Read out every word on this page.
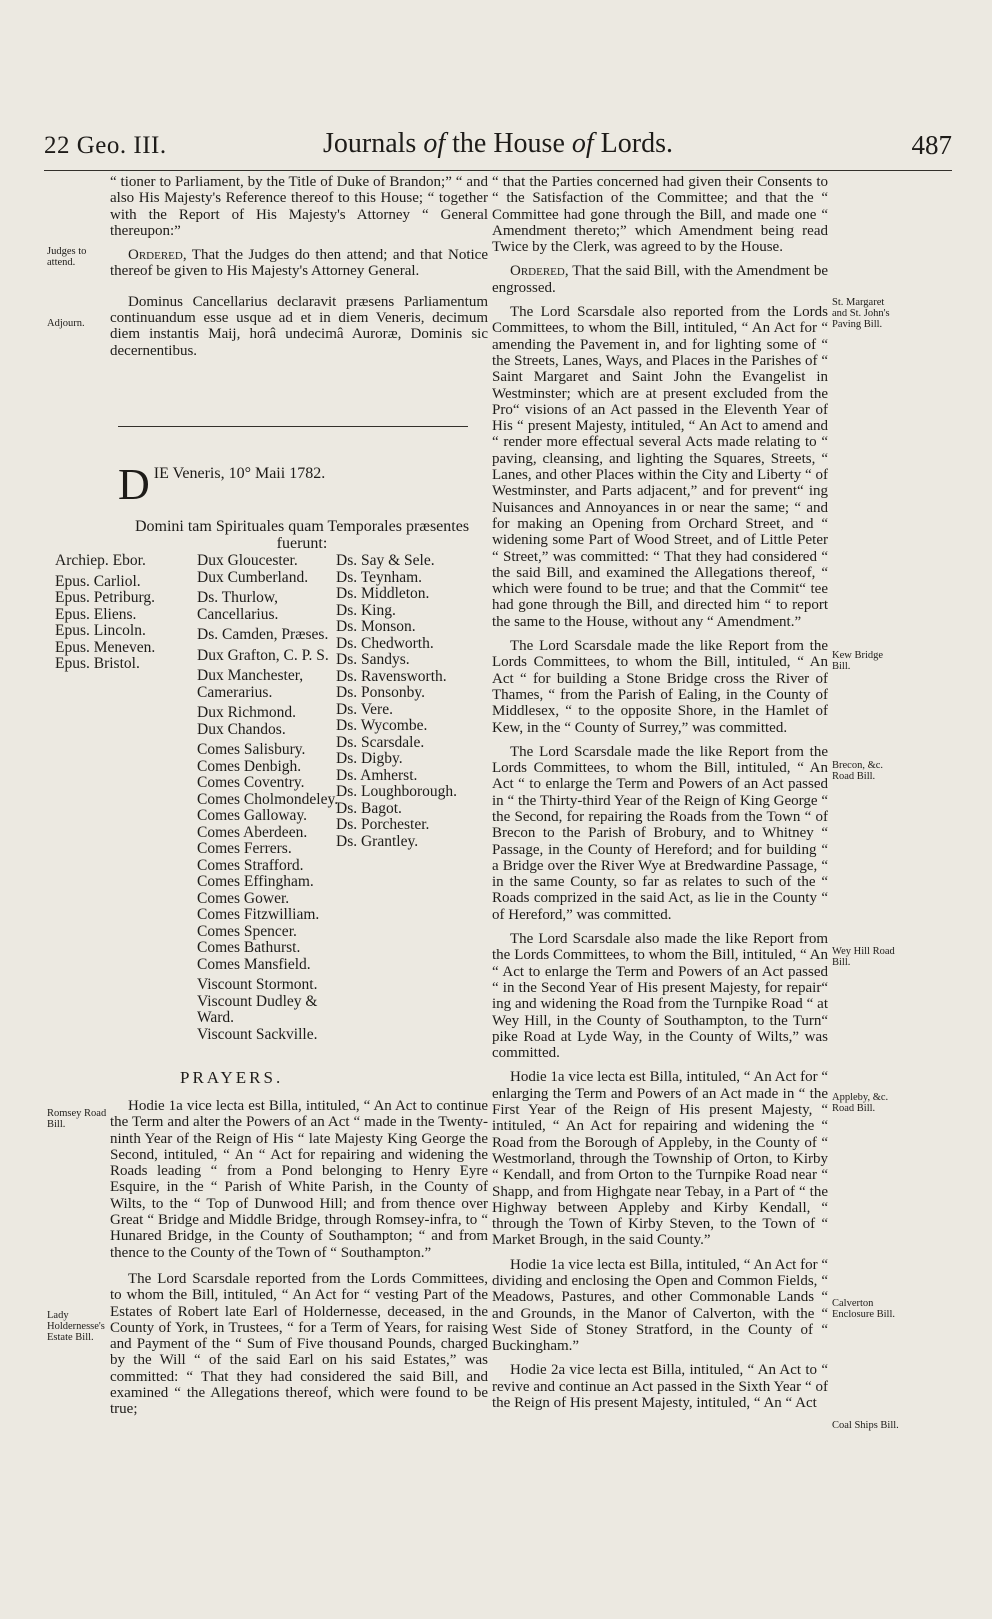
22 Geo. III.	Journals of the House of Lords.	487

“ tioner to Parliament, by the Title of Duke of Brandon;” “ and also His Majesty's Reference thereof to this House; “ together with the Report of His Majesty's Attorney “ General thereupon:”

Ordered, That the Judges do then attend; and that Notice thereof be given to His Majesty's Attorney General.

Dominus Cancellarius declaravit præsens Parliamentum continuandum esse usque ad et in diem Veneris, decimum diem instantis Maij, horâ undecimâ Auroræ, Dominis sic decernentibus.

Judges to attend.
Adjourn.
D IE Veneris, 10° Maii 1782.
Domini tam Spirituales quam Temporales præsentes fuerunt:
Archiep. Ebor.
Epus. Carliol.
Epus. Petriburg.
Epus. Eliens.
Epus. Lincoln.
Epus. Meneven.
Epus. Bristol.
Dux Gloucester.
Dux Cumberland.
Ds. Thurlow, Cancellarius.
Ds. Camden, Præses.
Dux Grafton, C. P. S.
Dux Manchester, Camerarius.
Dux Richmond.
Dux Chandos.
Comes Salisbury.
Comes Denbigh.
Comes Coventry.
Comes Cholmondeley.
Comes Galloway.
Comes Aberdeen.
Comes Ferrers.
Comes Strafford.
Comes Effingham.
Comes Gower.
Comes Fitzwilliam.
Comes Spencer.
Comes Bathurst.
Comes Mansfield.
Viscount Stormont.
Viscount Dudley & Ward.
Viscount Sackville.
Ds. Say & Sele.
Ds. Teynham.
Ds. Middleton.
Ds. King.
Ds. Monson.
Ds. Chedworth.
Ds. Sandys.
Ds. Ravensworth.
Ds. Ponsonby.
Ds. Vere.
Ds. Wycombe.
Ds. Scarsdale.
Ds. Digby.
Ds. Amherst.
Ds. Loughborough.
Ds. Bagot.
Ds. Porchester.
Ds. Grantley.
PRAYERS.

Hodie 1a vice lecta est Billa, intituled, “ An Act to continue the Term and alter the Powers of an Act “ made in the Twenty-ninth Year of the Reign of His “ late Majesty King George the Second, intituled, “ An “ Act for repairing and widening the Roads leading “ from a Pond belonging to Henry Eyre Esquire, in the “ Parish of White Parish, in the County of Wilts, to the “ Top of Dunwood Hill; and from thence over Great “ Bridge and Middle Bridge, through Romsey-infra, to “ Hunared Bridge, in the County of Southampton; “ and from thence to the County of the Town of “ Southampton.”

The Lord Scarsdale reported from the Lords Committees, to whom the Bill, intituled, “ An Act for “ vesting Part of the Estates of Robert late Earl of Holdernesse, deceased, in the County of York, in Trustees, “ for a Term of Years, for raising and Payment of the “ Sum of Five thousand Pounds, charged by the Will “ of the said Earl on his said Estates,” was committed: “ That they had considered the said Bill, and examined “ the Allegations thereof, which were found to be true;

Romsey Road Bill.
Lady Holdernesse's Estate Bill.

“ that the Parties concerned had given their Consents to “ the Satisfaction of the Committee; and that the “ Committee had gone through the Bill, and made one “ Amendment thereto;” which Amendment being read Twice by the Clerk, was agreed to by the House.

Ordered, That the said Bill, with the Amendment be engrossed.

The Lord Scarsdale also reported from the Lords Committees, to whom the Bill, intituled, “ An Act for “ amending the Pavement in, and for lighting some of “ the Streets, Lanes, Ways, and Places in the Parishes of “ Saint Margaret and Saint John the Evangelist in Westminster; which are at present excluded from the Pro“ visions of an Act passed in the Eleventh Year of His “ present Majesty, intituled, “ An Act to amend and “ render more effectual several Acts made relating to “ paving, cleansing, and lighting the Squares, Streets, “ Lanes, and other Places within the City and Liberty “ of Westminster, and Parts adjacent,” and for prevent“ ing Nuisances and Annoyances in or near the same; “ and for making an Opening from Orchard Street, and “ widening some Part of Wood Street, and of Little Peter “ Street,” was committed: “ That they had considered “ the said Bill, and examined the Allegations thereof, “ which were found to be true; and that the Commit“ tee had gone through the Bill, and directed him “ to report the same to the House, without any “ Amendment.”

The Lord Scarsdale made the like Report from the Lords Committees, to whom the Bill, intituled, “ An Act “ for building a Stone Bridge cross the River of Thames, “ from the Parish of Ealing, in the County of Middlesex, “ to the opposite Shore, in the Hamlet of Kew, in the “ County of Surrey,” was committed.

The Lord Scarsdale made the like Report from the Lords Committees, to whom the Bill, intituled, “ An Act “ to enlarge the Term and Powers of an Act passed in “ the Thirty-third Year of the Reign of King George “ the Second, for repairing the Roads from the Town “ of Brecon to the Parish of Brobury, and to Whitney “ Passage, in the County of Hereford; and for building “ a Bridge over the River Wye at Bredwardine Passage, “ in the same County, so far as relates to such of the “ Roads comprized in the said Act, as lie in the County “ of Hereford,” was committed.

The Lord Scarsdale also made the like Report from the Lords Committees, to whom the Bill, intituled, “ An “ Act to enlarge the Term and Powers of an Act passed “ in the Second Year of His present Majesty, for repair“ ing and widening the Road from the Turnpike Road “ at Wey Hill, in the County of Southampton, to the Turn“ pike Road at Lyde Way, in the County of Wilts,” was committed.

Hodie 1a vice lecta est Billa, intituled, “ An Act for “ enlarging the Term and Powers of an Act made in “ the First Year of the Reign of His present Majesty, “ intituled, “ An Act for repairing and widening the “ Road from the Borough of Appleby, in the County of “ Westmorland, through the Township of Orton, to Kirby “ Kendall, and from Orton to the Turnpike Road near “ Shapp, and from Highgate near Tebay, in a Part of “ the Highway between Appleby and Kirby Kendall, “ through the Town of Kirby Steven, to the Town of “ Market Brough, in the said County.”

Hodie 1a vice lecta est Billa, intituled, “ An Act for “ dividing and enclosing the Open and Common Fields, “ Meadows, Pastures, and other Commonable Lands “ and Grounds, in the Manor of Calverton, with the “ West Side of Stoney Stratford, in the County of “ Buckingham.”

Hodie 2a vice lecta est Billa, intituled, “ An Act to “ revive and continue an Act passed in the Sixth Year “ of the Reign of His present Majesty, intituled, “ An “ Act

St. Margaret and St. John's Paving Bill.
Kew Bridge Bill.
Brecon, &c. Road Bill.
Wey Hill Road Bill.
Appleby, &c. Road Bill.
Calverton Enclosure Bill.
Coal Ships Bill.
